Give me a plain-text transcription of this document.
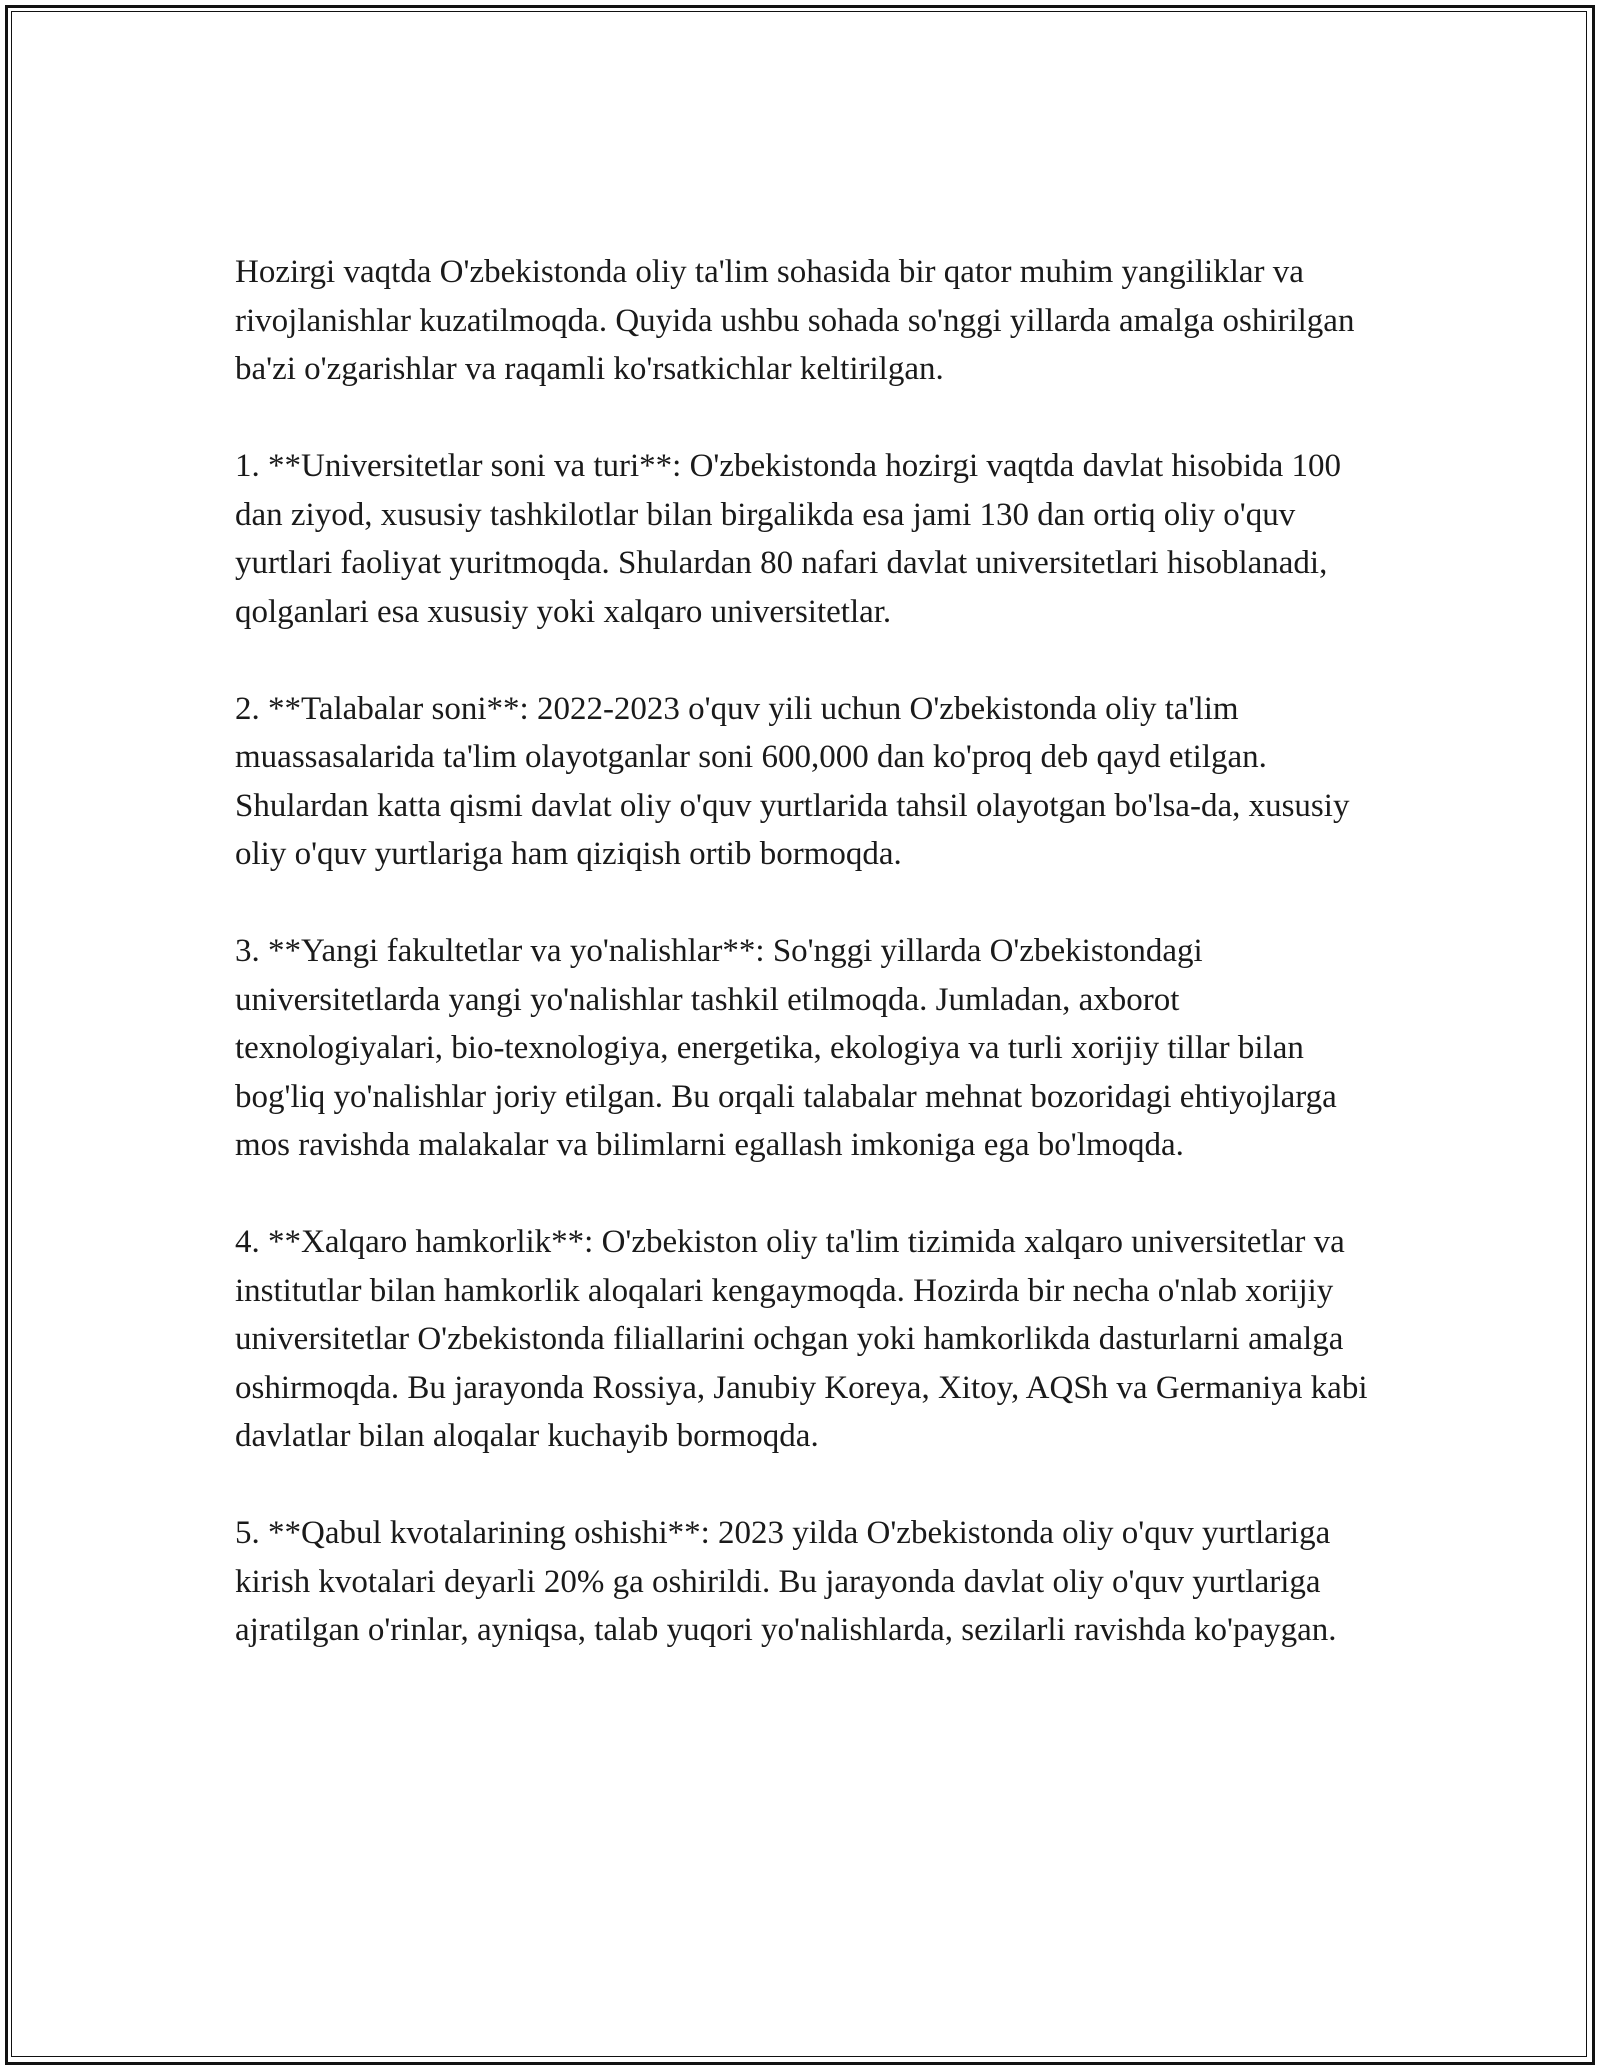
Hozirgi vaqtda O'zbekistonda oliy ta'lim sohasida bir qator muhim yangiliklar va rivojlanishlar kuzatilmoqda. Quyida ushbu sohada so'nggi yillarda amalga oshirilgan ba'zi o'zgarishlar va raqamli ko'rsatkichlar keltirilgan.

1. **Universitetlar soni va turi**: O'zbekistonda hozirgi vaqtda davlat hisobida 100 dan ziyod, xususiy tashkilotlar bilan birgalikda esa jami 130 dan ortiq oliy o'quv yurtlari faoliyat yuritmoqda. Shulardan 80 nafari davlat universitetlari hisoblanadi, qolganlari esa xususiy yoki xalqaro universitetlar.

2. **Talabalar soni**: 2022-2023 o'quv yili uchun O'zbekistonda oliy ta'lim muassasalarida ta'lim olayotganlar soni 600,000 dan ko'proq deb qayd etilgan. Shulardan katta qismi davlat oliy o'quv yurtlarida tahsil olayotgan bo'lsa-da, xususiy oliy o'quv yurtlariga ham qiziqish ortib bormoqda.

3. **Yangi fakultetlar va yo'nalishlar**: So'nggi yillarda O'zbekistondagi universitetlarda yangi yo'nalishlar tashkil etilmoqda. Jumladan, axborot texnologiyalari, bio-texnologiya, energetika, ekologiya va turli xorijiy tillar bilan bog'liq yo'nalishlar joriy etilgan. Bu orqali talabalar mehnat bozoridagi ehtiyojlarga mos ravishda malakalar va bilimlarni egallash imkoniga ega bo'lmoqda.

4. **Xalqaro hamkorlik**: O'zbekiston oliy ta'lim tizimida xalqaro universitetlar va institutlar bilan hamkorlik aloqalari kengaymoqda. Hozirda bir necha o'nlab xorijiy universitetlar O'zbekistonda filiallarini ochgan yoki hamkorlikda dasturlarni amalga oshirmoqda. Bu jarayonda Rossiya, Janubiy Koreya, Xitoy, AQSh va Germaniya kabi davlatlar bilan aloqalar kuchayib bormoqda.

5. **Qabul kvotalarining oshishi**: 2023 yilda O'zbekistonda oliy o'quv yurtlariga kirish kvotalari deyarli 20% ga oshirildi. Bu jarayonda davlat oliy o'quv yurtlariga ajratilgan o'rinlar, ayniqsa, talab yuqori yo'nalishlarda, sezilarli ravishda ko'paygan.
